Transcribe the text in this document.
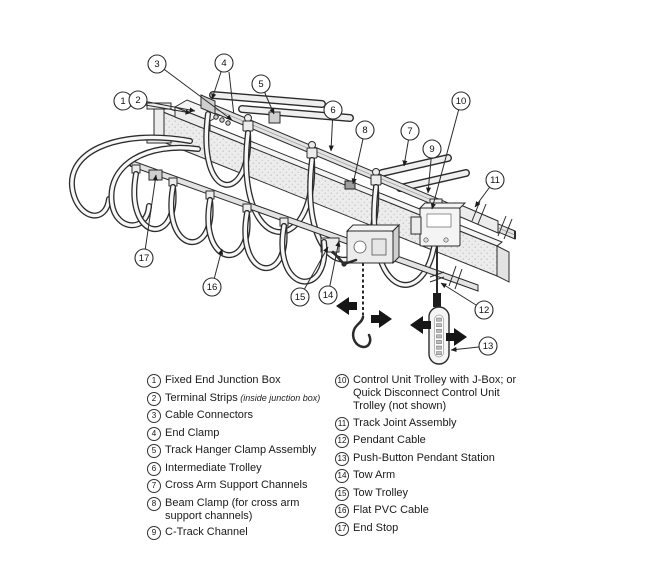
1 2
3	4
5
6
7
8
9
10
11
12
13
14
15
16
17
1 Fixed End Junction Box
2 Terminal Strips (inside junction box)
3 Cable Connectors
4 End Clamp
5 Track Hanger Clamp Assembly
6 Intermediate Trolley
7 Cross Arm Support Channels
8 Beam Clamp (for cross arm support channels)
9 C-Track Channel
10 Control Unit Trolley with J-Box; or Quick Disconnect Control Unit Trolley (not shown)
11 Track Joint Assembly
12 Pendant Cable
13 Push-Button Pendant Station
14 Tow Arm
15 Tow Trolley
16 Flat PVC Cable
17 End Stop
